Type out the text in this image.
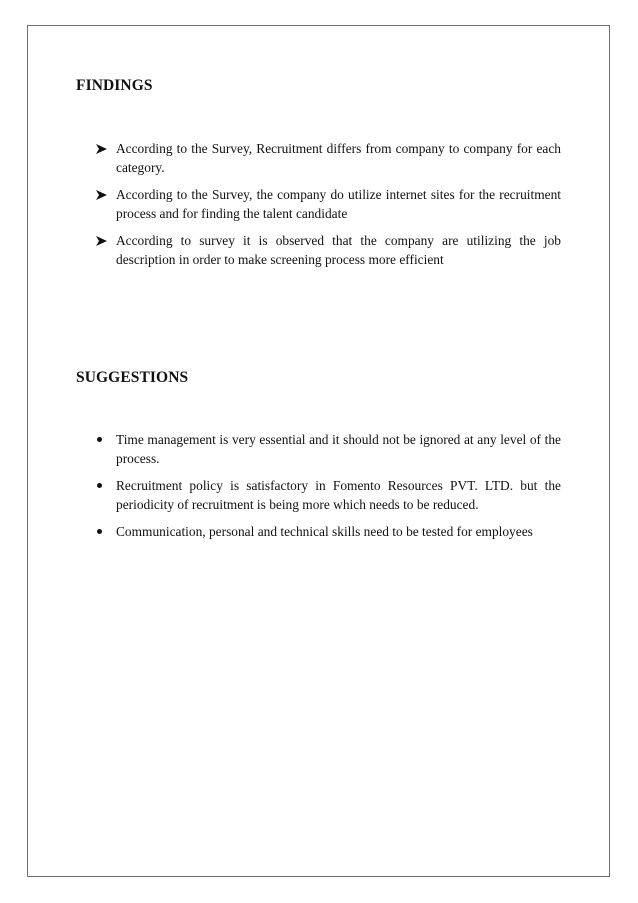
FINDINGS
According to the Survey, Recruitment differs from company to company for each category.
According to the Survey, the company do utilize internet sites for the recruitment process and for finding the talent candidate
According to survey it is observed that the company are utilizing the job description in order to make screening process more efficient
SUGGESTIONS
Time management is very essential and it should not be ignored at any level of the process.
Recruitment policy is satisfactory in Fomento Resources PVT. LTD. but the periodicity of recruitment is being more which needs to be reduced.
Communication, personal and technical skills need to be tested for employees
